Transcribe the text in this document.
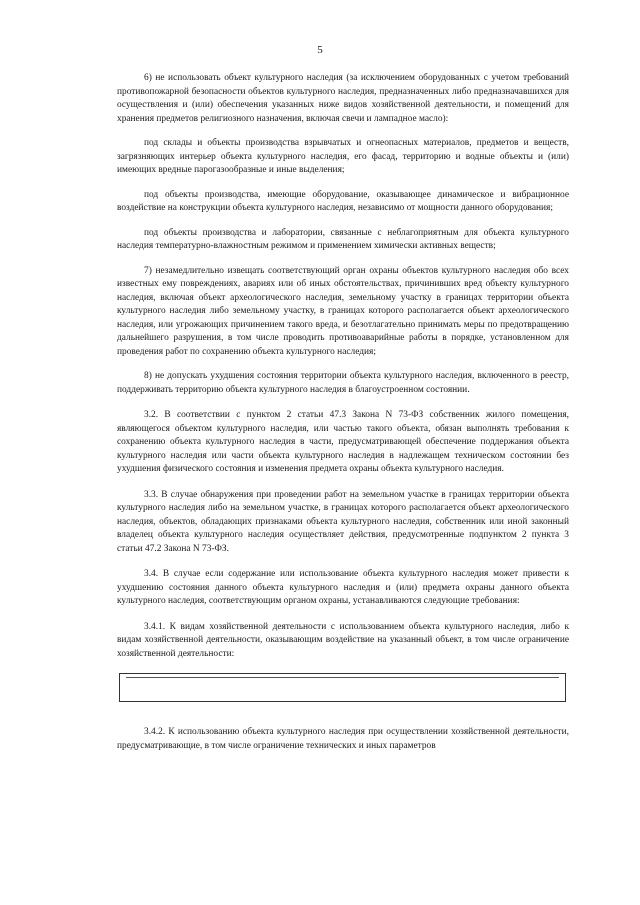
5

6) не использовать объект культурного наследия (за исключением оборудованных с учетом требований противопожарной безопасности объектов культурного наследия, предназначенных либо предназначавшихся для осуществления и (или) обеспечения указанных ниже видов хозяйственной деятельности, и помещений для хранения предметов религиозного назначения, включая свечи и лампадное масло):

под склады и объекты производства взрывчатых и огнеопасных материалов, предметов и веществ, загрязняющих интерьер объекта культурного наследия, его фасад, территорию и водные объекты и (или) имеющих вредные парогазообразные и иные выделения;

под объекты производства, имеющие оборудование, оказывающее динамическое и вибрационное воздействие на конструкции объекта культурного наследия, независимо от мощности данного оборудования;

под объекты производства и лаборатории, связанные с неблагоприятным для объекта культурного наследия температурно-влажностным режимом и применением химически активных веществ;

7) незамедлительно извещать соответствующий орган охраны объектов культурного наследия обо всех известных ему повреждениях, авариях или об иных обстоятельствах, причинивших вред объекту культурного наследия, включая объект археологического наследия, земельному участку в границах территории объекта культурного наследия либо земельному участку, в границах которого располагается объект археологического наследия, или угрожающих причинением такого вреда, и безотлагательно принимать меры по предотвращению дальнейшего разрушения, в том числе проводить противоаварийные работы в порядке, установленном для проведения работ по сохранению объекта культурного наследия;

8) не допускать ухудшения состояния территории объекта культурного наследия, включенного в реестр, поддерживать территорию объекта культурного наследия в благоустроенном состоянии.

3.2. В соответствии с пунктом 2 статьи 47.3 Закона N 73-ФЗ собственник жилого помещения, являющегося объектом культурного наследия, или частью такого объекта, обязан выполнять требования к сохранению объекта культурного наследия в части, предусматривающей обеспечение поддержания объекта культурного наследия или части объекта культурного наследия в надлежащем техническом состоянии без ухудшения физического состояния и изменения предмета охраны объекта культурного наследия.

3.3. В случае обнаружения при проведении работ на земельном участке в границах территории объекта культурного наследия либо на земельном участке, в границах которого располагается объект археологического наследия, объектов, обладающих признаками объекта культурного наследия, собственник или иной законный владелец объекта культурного наследия осуществляет действия, предусмотренные подпунктом 2 пункта 3 статьи 47.2 Закона N 73-ФЗ.

3.4. В случае если содержание или использование объекта культурного наследия может привести к ухудшению состояния данного объекта культурного наследия и (или) предмета охраны данного объекта культурного наследия, соответствующим органом охраны, устанавливаются следующие требования:

3.4.1. К видам хозяйственной деятельности с использованием объекта культурного наследия, либо к видам хозяйственной деятельности, оказывающим воздействие на указанный объект, в том числе ограничение хозяйственной деятельности:

3.4.2. К использованию объекта культурного наследия при осуществлении хозяйственной деятельности, предусматривающие, в том числе ограничение технических и иных параметров
